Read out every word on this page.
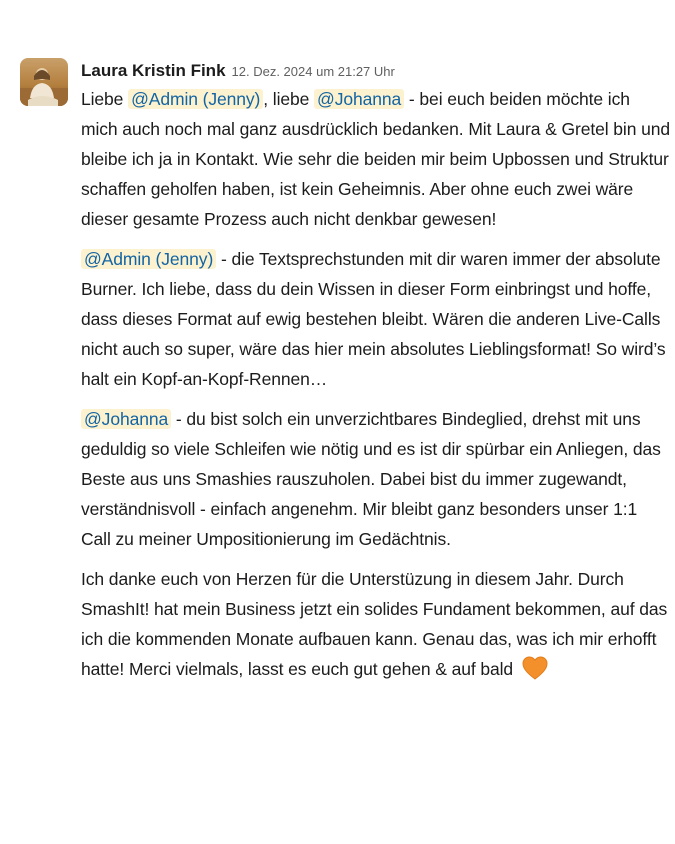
Laura Kristin Fink 12. Dez. 2024 um 21:27 Uhr

Liebe @Admin (Jenny) , liebe @Johanna - bei euch beiden möchte ich mich auch noch mal ganz ausdrücklich bedanken. Mit Laura & Gretel bin und bleibe ich ja in Kontakt. Wie sehr die beiden mir beim Upbossen und Struktur schaffen geholfen haben, ist kein Geheimnis. Aber ohne euch zwei wäre dieser gesamte Prozess auch nicht denkbar gewesen!

@Admin (Jenny) - die Textsprechstunden mit dir waren immer der absolute Burner. Ich liebe, dass du dein Wissen in dieser Form einbringst und hoffe, dass dieses Format auf ewig bestehen bleibt. Wären die anderen Live-Calls nicht auch so super, wäre das hier mein absolutes Lieblingsformat! So wird’s halt ein Kopf-an-Kopf-Rennen…

@Johanna - du bist solch ein unverzichtbares Bindeglied, drehst mit uns geduldig so viele Schleifen wie nötig und es ist dir spürbar ein Anliegen, das Beste aus uns Smashies rauszuholen. Dabei bist du immer zugewandt, verständnisvoll - einfach angenehm. Mir bleibt ganz besonders unser 1:1 Call zu meiner Umpositionierung im Gedächtnis.

Ich danke euch von Herzen für die Unterstüzung in diesem Jahr. Durch SmashIt! hat mein Business jetzt ein solides Fundament bekommen, auf das ich die kommenden Monate aufbauen kann. Genau das, was ich mir erhofft hatte! Merci vielmals, lasst es euch gut gehen & auf bald
